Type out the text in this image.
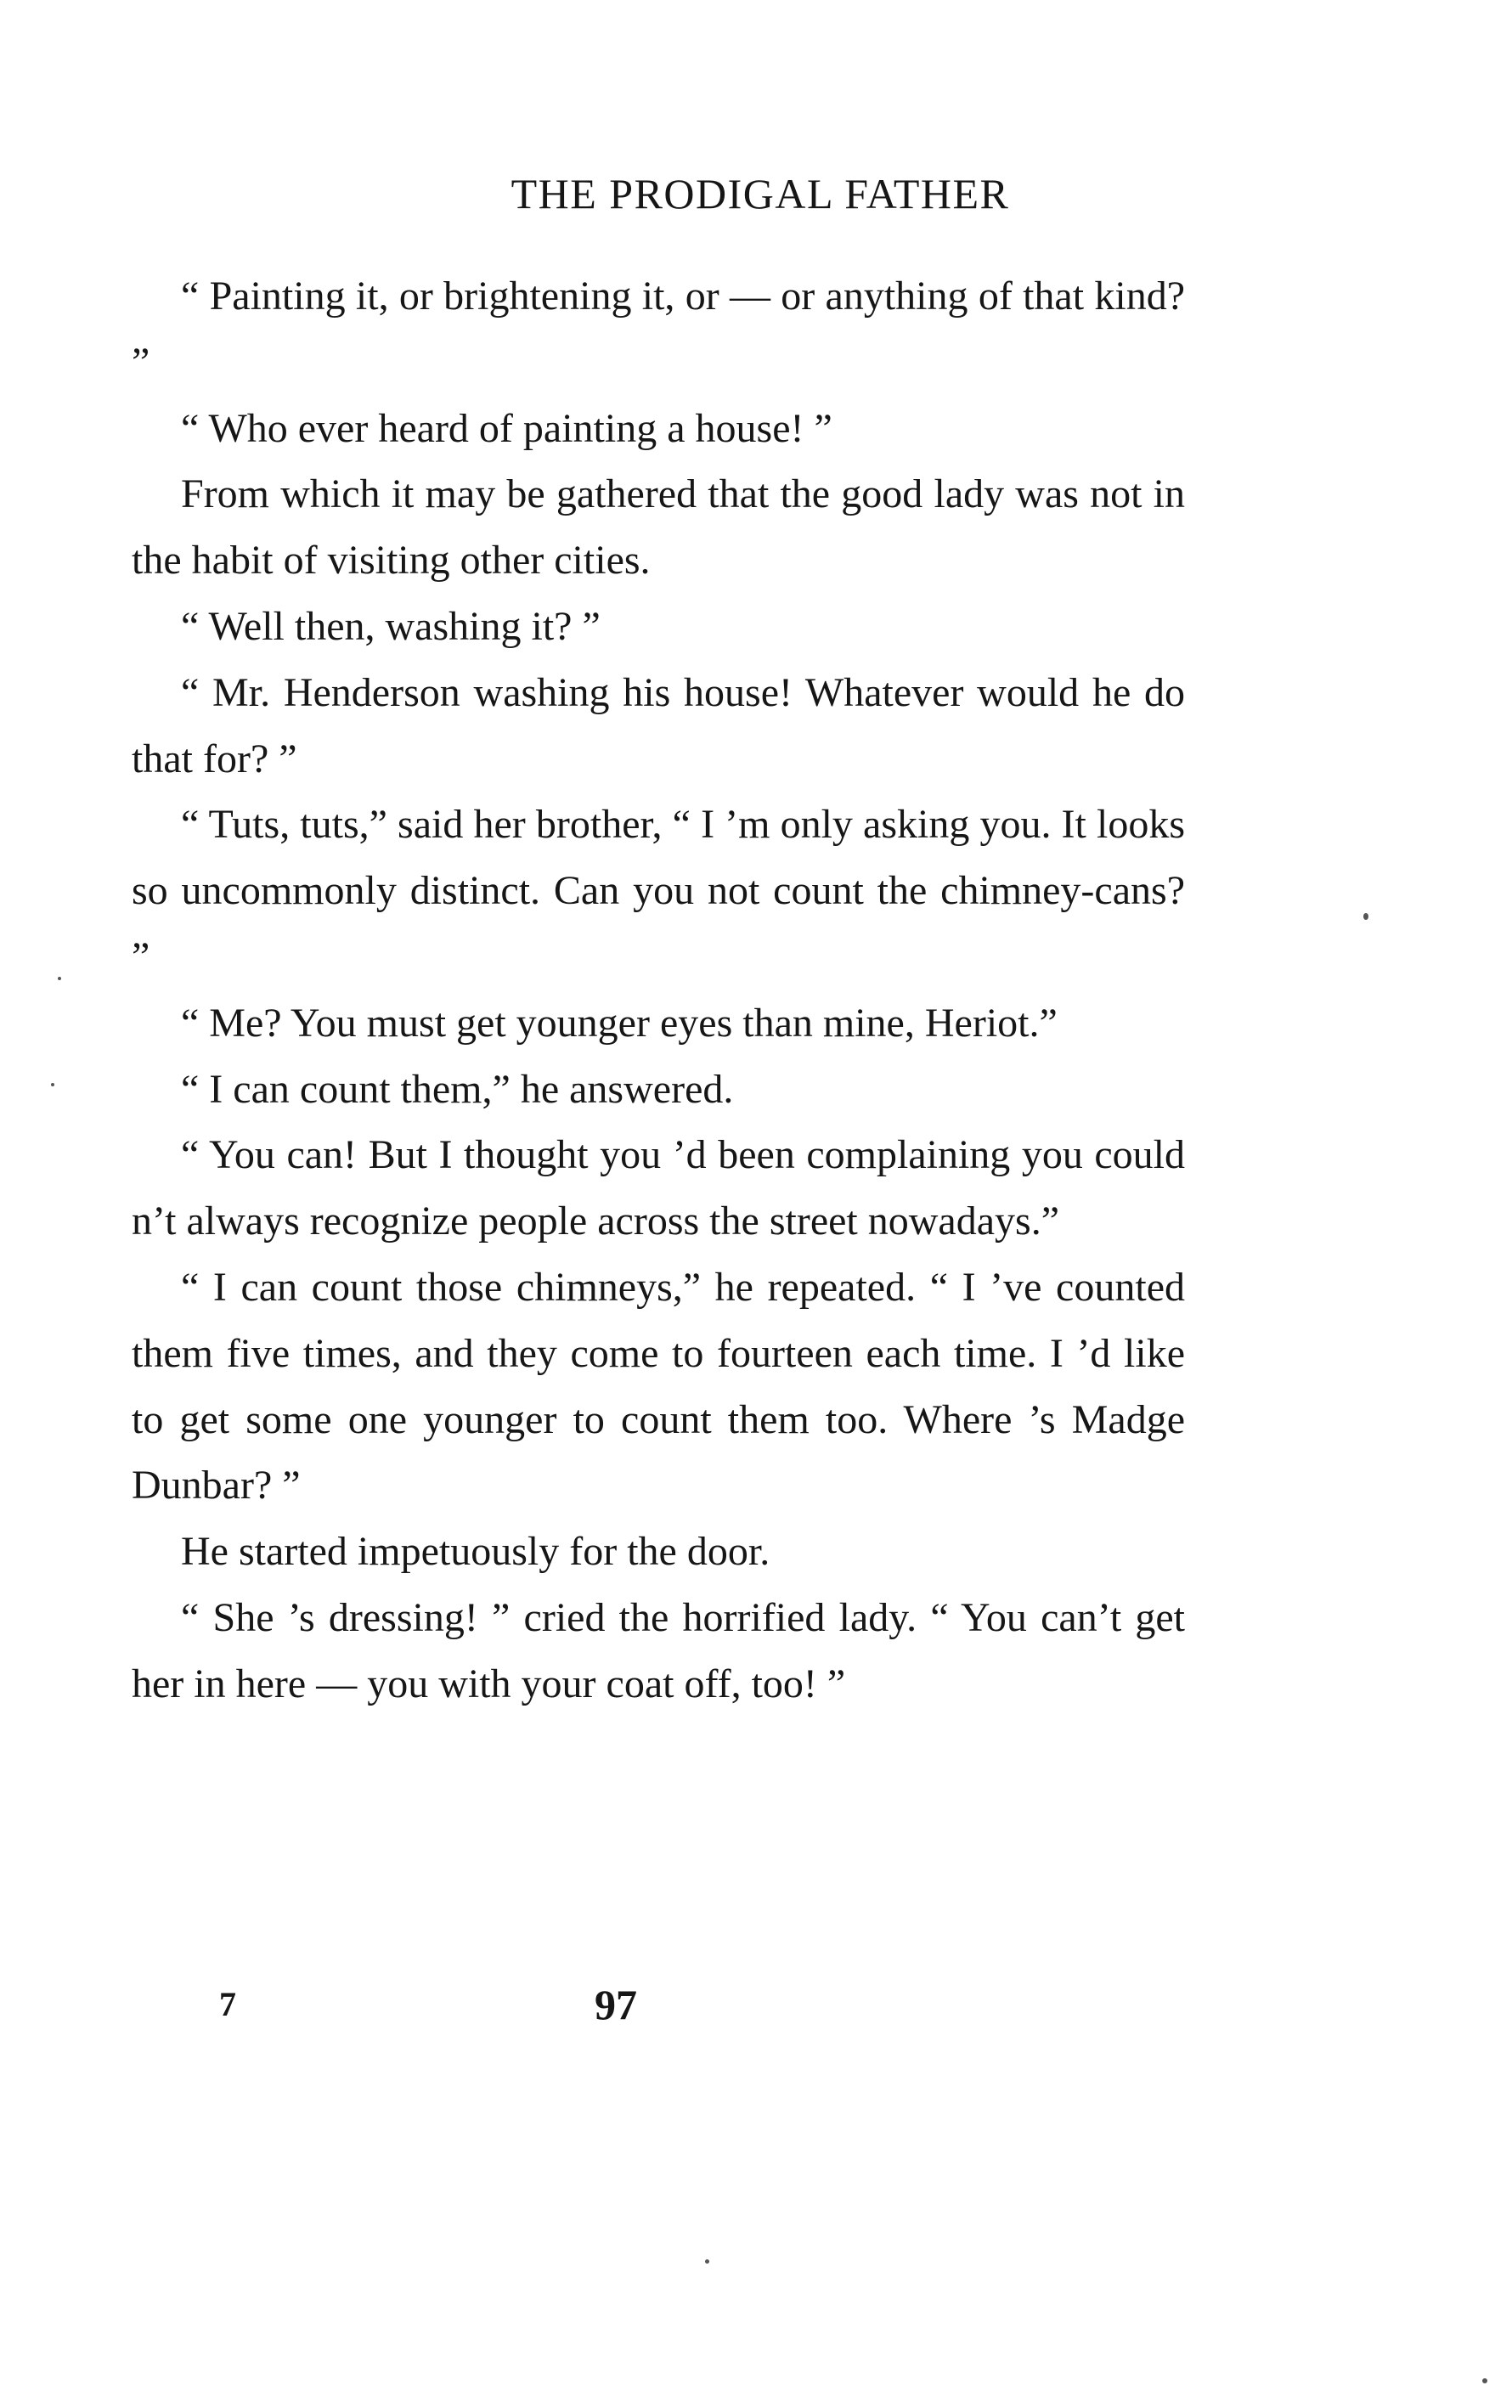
THE PRODIGAL FATHER

“ Painting it, or brightening it, or — or anything of that kind? ”

“ Who ever heard of painting a house! ”

From which it may be gathered that the good lady was not in the habit of visiting other cities.

“ Well then, washing it? ”

“ Mr. Henderson washing his house! Whatever would he do that for? ”

“ Tuts, tuts,” said her brother, “ I ’m only asking you. It looks so uncommonly distinct. Can you not count the chimney-cans? ”

“ Me? You must get younger eyes than mine, Heriot.”

“ I can count them,” he answered.

“ You can! But I thought you ’d been complaining you could n’t always recognize people across the street nowadays.”

“ I can count those chimneys,” he repeated. “ I ’ve counted them five times, and they come to fourteen each time. I ’d like to get some one younger to count them too. Where ’s Madge Dunbar? ”

He started impetuously for the door.

“ She ’s dressing! ” cried the horrified lady. “ You can’t get her in here — you with your coat off, too! ”

7	97
